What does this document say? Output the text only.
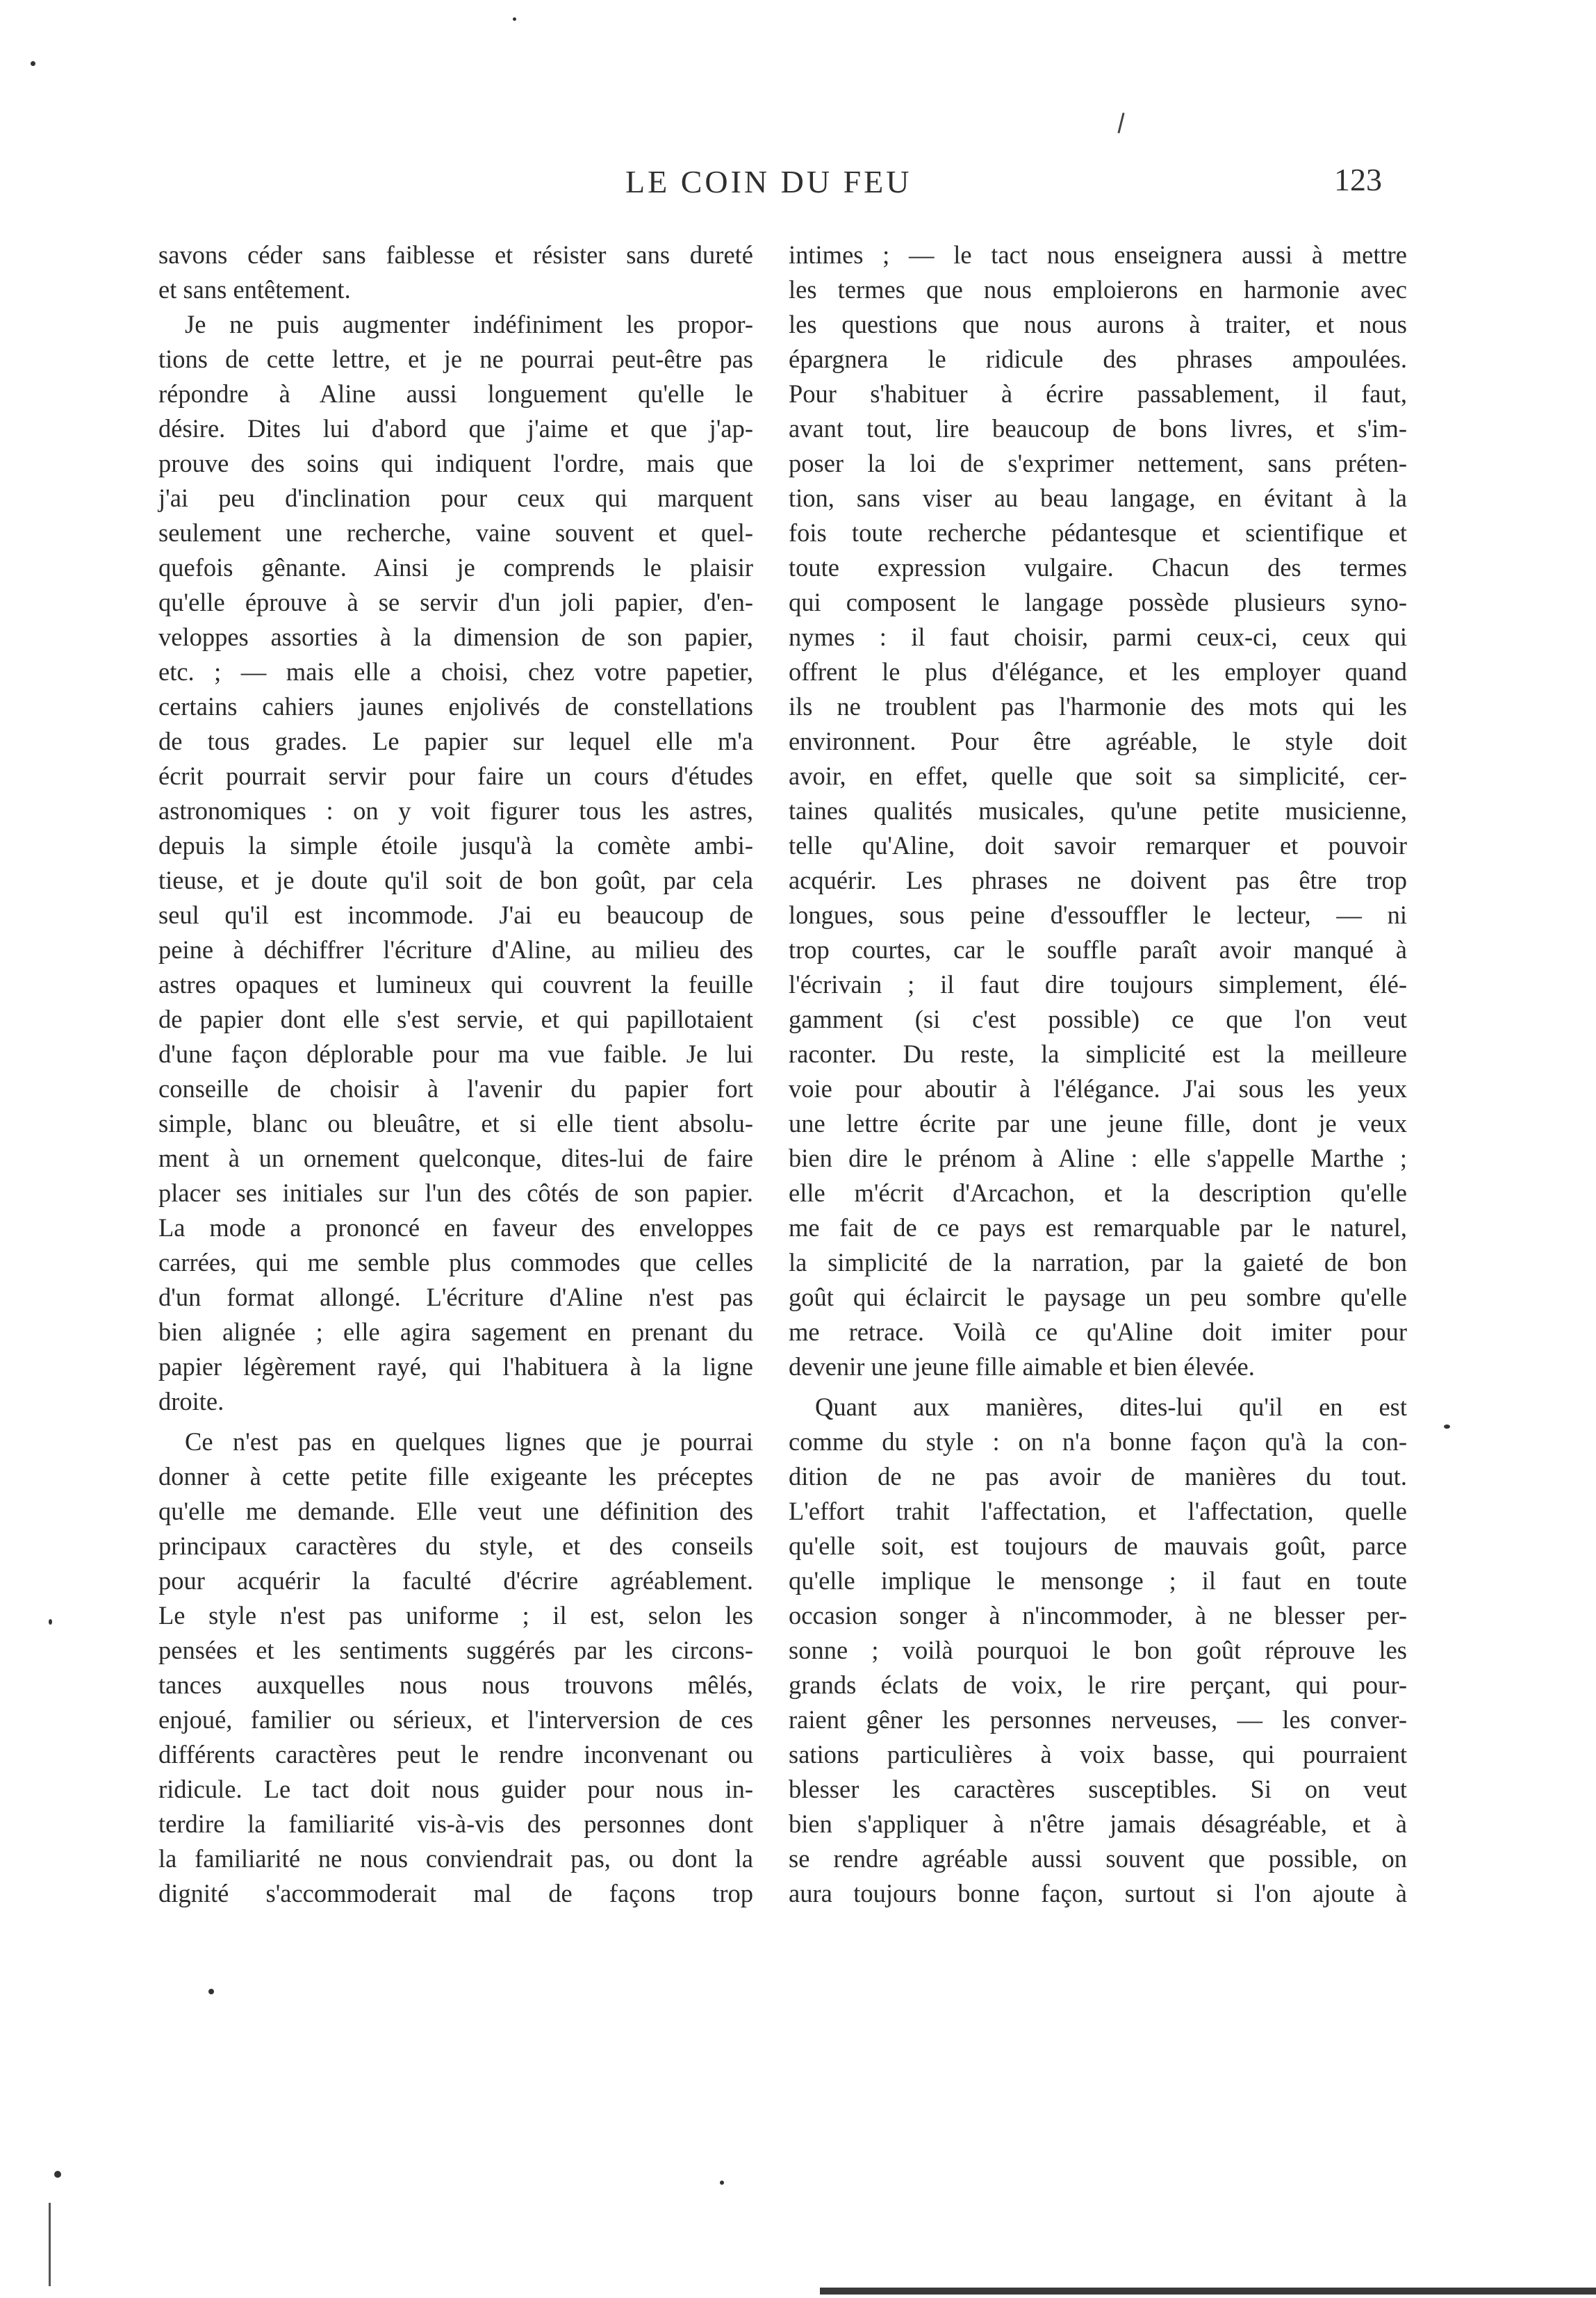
LE COIN DU FEU	123
savons céder sans faiblesse et résister sans dureté
et sans entêtement.
Je ne puis augmenter indéfiniment les propor-
tions de cette lettre, et je ne pourrai peut-être pas
répondre à Aline aussi longuement qu'elle le
désire. Dites lui d'abord que j'aime et que j'ap-
prouve des soins qui indiquent l'ordre, mais que
j'ai peu d'inclination pour ceux qui marquent
seulement une recherche, vaine souvent et quel-
quefois gênante. Ainsi je comprends le plaisir
qu'elle éprouve à se servir d'un joli papier, d'en-
veloppes assorties à la dimension de son papier,
etc. ; — mais elle a choisi, chez votre papetier,
certains cahiers jaunes enjolivés de constellations
de tous grades. Le papier sur lequel elle m'a
écrit pourrait servir pour faire un cours d'études
astronomiques : on y voit figurer tous les astres,
depuis la simple étoile jusqu'à la comète ambi-
tieuse, et je doute qu'il soit de bon goût, par cela
seul qu'il est incommode. J'ai eu beaucoup de
peine à déchiffrer l'écriture d'Aline, au milieu des
astres opaques et lumineux qui couvrent la feuille
de papier dont elle s'est servie, et qui papillotaient
d'une façon déplorable pour ma vue faible. Je lui
conseille de choisir à l'avenir du papier fort
simple, blanc ou bleuâtre, et si elle tient absolu-
ment à un ornement quelconque, dites-lui de faire
placer ses initiales sur l'un des côtés de son papier.
La mode a prononcé en faveur des enveloppes
carrées, qui me semble plus commodes que celles
d'un format allongé. L'écriture d'Aline n'est pas
bien alignée ; elle agira sagement en prenant du
papier légèrement rayé, qui l'habituera à la ligne
droite.
Ce n'est pas en quelques lignes que je pourrai
donner à cette petite fille exigeante les préceptes
qu'elle me demande. Elle veut une définition des
principaux caractères du style, et des conseils
pour acquérir la faculté d'écrire agréablement.
Le style n'est pas uniforme ; il est, selon les
pensées et les sentiments suggérés par les circons-
tances auxquelles nous nous trouvons mêlés,
enjoué, familier ou sérieux, et l'interversion de ces
différents caractères peut le rendre inconvenant ou
ridicule. Le tact doit nous guider pour nous in-
terdire la familiarité vis-à-vis des personnes dont
la familiarité ne nous conviendrait pas, ou dont la
dignité s'accommoderait mal de façons trop
intimes ; — le tact nous enseignera aussi à mettre
les termes que nous emploierons en harmonie avec
les questions que nous aurons à traiter, et nous
épargnera le ridicule des phrases ampoulées.
Pour s'habituer à écrire passablement, il faut,
avant tout, lire beaucoup de bons livres, et s'im-
poser la loi de s'exprimer nettement, sans préten-
tion, sans viser au beau langage, en évitant à la
fois toute recherche pédantesque et scientifique et
toute expression vulgaire. Chacun des termes
qui composent le langage possède plusieurs syno-
nymes : il faut choisir, parmi ceux-ci, ceux qui
offrent le plus d'élégance, et les employer quand
ils ne troublent pas l'harmonie des mots qui les
environnent. Pour être agréable, le style doit
avoir, en effet, quelle que soit sa simplicité, cer-
taines qualités musicales, qu'une petite musicienne,
telle qu'Aline, doit savoir remarquer et pouvoir
acquérir. Les phrases ne doivent pas être trop
longues, sous peine d'essouffler le lecteur, — ni
trop courtes, car le souffle paraît avoir manqué à
l'écrivain ; il faut dire toujours simplement, élé-
gamment (si c'est possible) ce que l'on veut
raconter. Du reste, la simplicité est la meilleure
voie pour aboutir à l'élégance. J'ai sous les yeux
une lettre écrite par une jeune fille, dont je veux
bien dire le prénom à Aline : elle s'appelle Marthe ;
elle m'écrit d'Arcachon, et la description qu'elle
me fait de ce pays est remarquable par le naturel,
la simplicité de la narration, par la gaieté de bon
goût qui éclaircit le paysage un peu sombre qu'elle
me retrace. Voilà ce qu'Aline doit imiter pour
devenir une jeune fille aimable et bien élevée.
Quant aux manières, dites-lui qu'il en est
comme du style : on n'a bonne façon qu'à la con-
dition de ne pas avoir de manières du tout.
L'effort trahit l'affectation, et l'affectation, quelle
qu'elle soit, est toujours de mauvais goût, parce
qu'elle implique le mensonge ; il faut en toute
occasion songer à n'incommoder, à ne blesser per-
sonne ; voilà pourquoi le bon goût réprouve les
grands éclats de voix, le rire perçant, qui pour-
raient gêner les personnes nerveuses, — les conver-
sations particulières à voix basse, qui pourraient
blesser les caractères susceptibles. Si on veut
bien s'appliquer à n'être jamais désagréable, et à
se rendre agréable aussi souvent que possible, on
aura toujours bonne façon, surtout si l'on ajoute à
